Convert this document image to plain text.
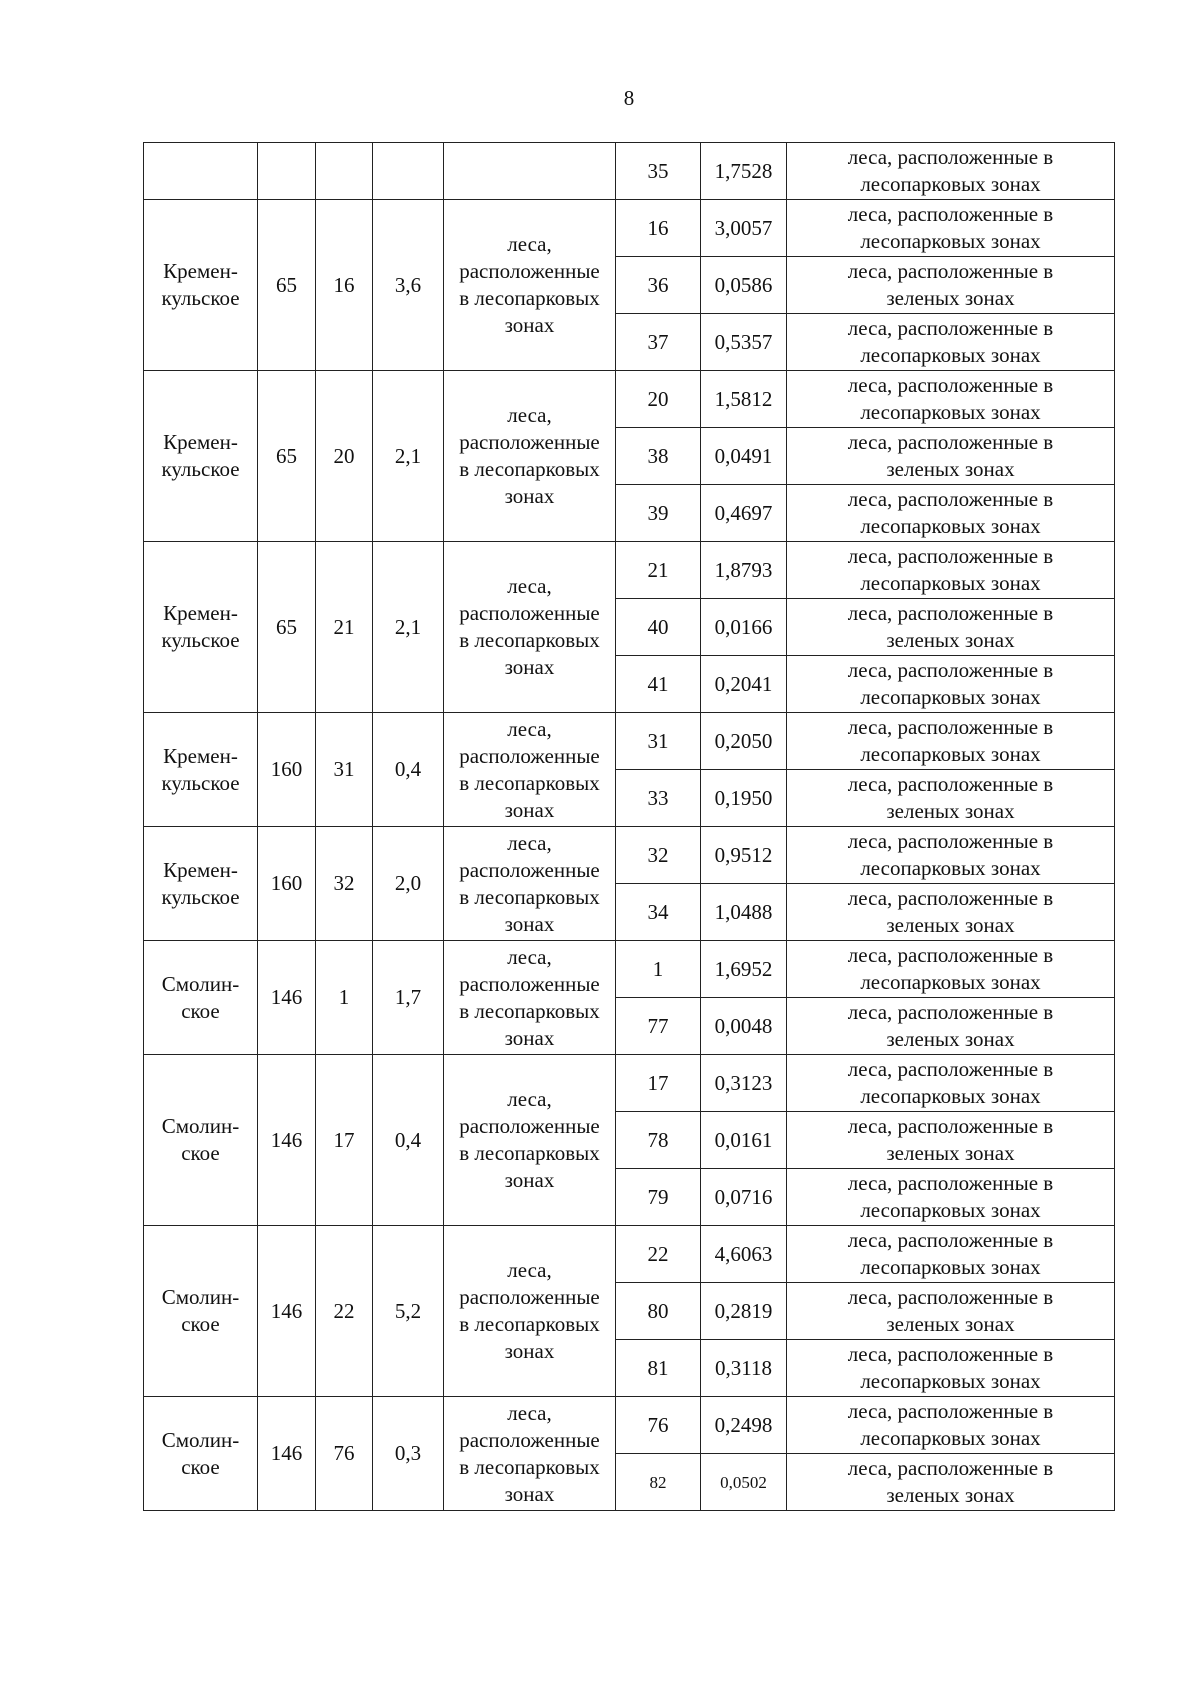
8

					35	1,7528	леса, расположенные в
лесопарковых зонах

Кремен-
кульское	65	16	3,6	леса,
расположенные
в лесопарковых
зонах	16	3,0057	леса, расположенные в
лесопарковых зонах

					36	0,0586	леса, расположенные в
зеленых зонах

					37	0,5357	леса, расположенные в
лесопарковых зонах

Кремен-
кульское	65	20	2,1	леса,
расположенные
в лесопарковых
зонах	20	1,5812	леса, расположенные в
лесопарковых зонах

					38	0,0491	леса, расположенные в
зеленых зонах

					39	0,4697	леса, расположенные в
лесопарковых зонах

Кремен-
кульское	65	21	2,1	леса,
расположенные
в лесопарковых
зонах	21	1,8793	леса, расположенные в
лесопарковых зонах

					40	0,0166	леса, расположенные в
зеленых зонах

					41	0,2041	леса, расположенные в
лесопарковых зонах

Кремен-
кульское	160	31	0,4	леса,
расположенные
в лесопарковых
зонах	31	0,2050	леса, расположенные в
лесопарковых зонах

					33	0,1950	леса, расположенные в
зеленых зонах

Кремен-
кульское	160	32	2,0	леса,
расположенные
в лесопарковых
зонах	32	0,9512	леса, расположенные в
лесопарковых зонах

					34	1,0488	леса, расположенные в
зеленых зонах

Смолин-
ское	146	1	1,7	леса,
расположенные
в лесопарковых
зонах	1	1,6952	леса, расположенные в
лесопарковых зонах

					77	0,0048	леса, расположенные в
зеленых зонах

Смолин-
ское	146	17	0,4	леса,
расположенные
в лесопарковых
зонах	17	0,3123	леса, расположенные в
лесопарковых зонах

					78	0,0161	леса, расположенные в
зеленых зонах

					79	0,0716	леса, расположенные в
лесопарковых зонах

Смолин-
ское	146	22	5,2	леса,
расположенные
в лесопарковых
зонах	22	4,6063	леса, расположенные в
лесопарковых зонах

					80	0,2819	леса, расположенные в
зеленых зонах

					81	0,3118	леса, расположенные в
лесопарковых зонах

Смолин-
ское	146	76	0,3	леса,
расположенные
в лесопарковых
зонах	76	0,2498	леса, расположенные в
лесопарковых зонах

					82	0,0502	леса, расположенные в
зеленых зонах
